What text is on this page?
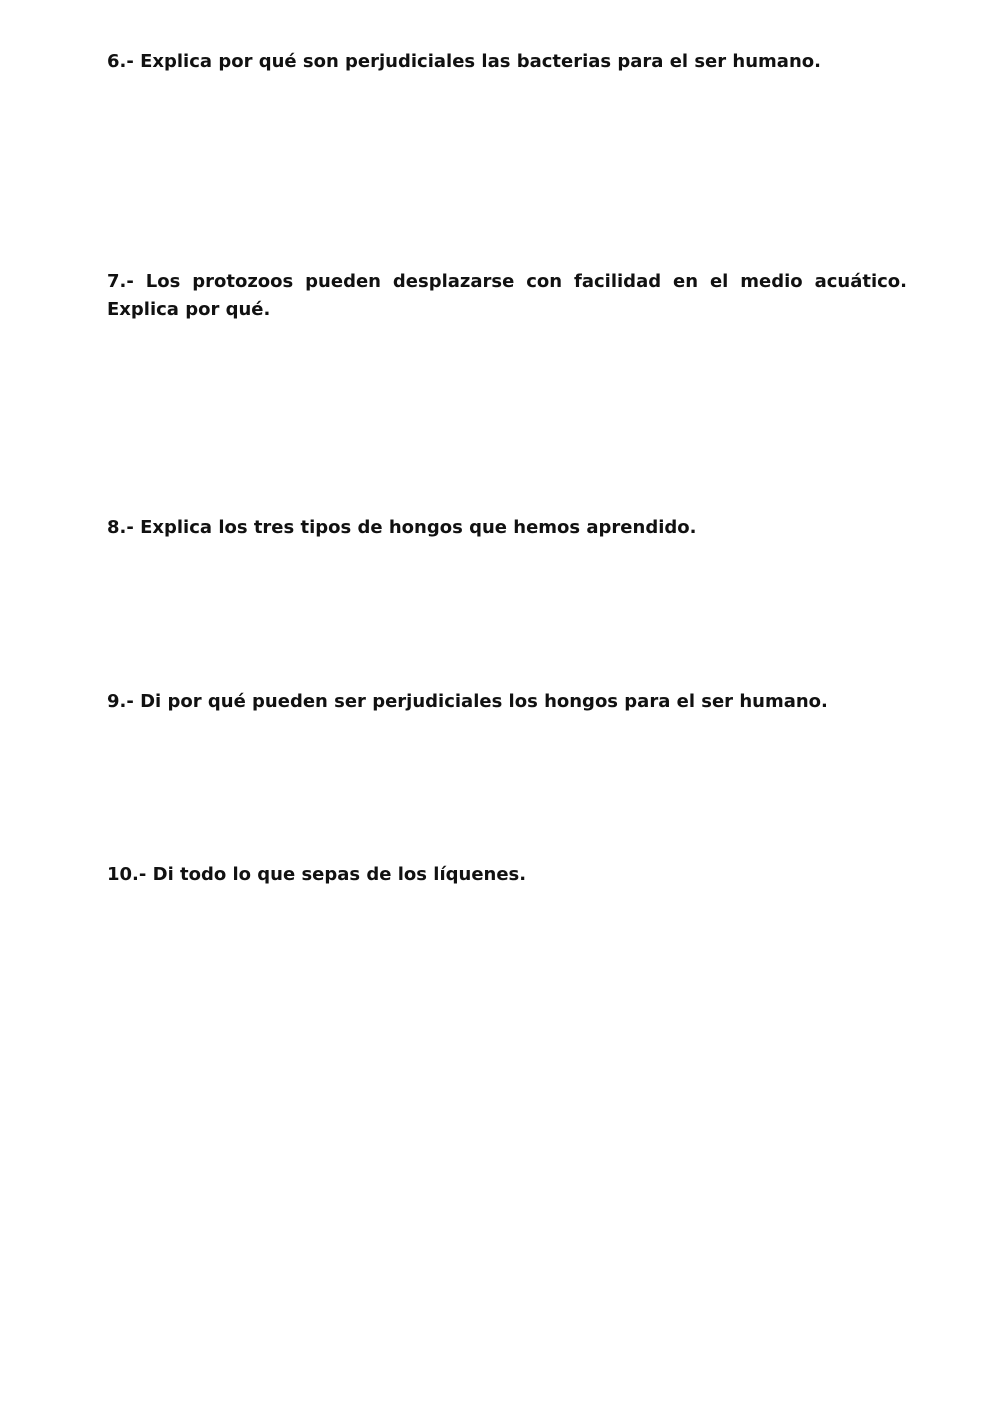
6.- Explica por qué son perjudiciales las bacterias para el ser humano.

7.- Los protozoos pueden desplazarse con facilidad en el medio acuático. Explica por qué.

8.- Explica los tres tipos de hongos que hemos aprendido.

9.- Di por qué pueden ser perjudiciales los hongos para el ser humano.

10.- Di todo lo que sepas de los líquenes.
